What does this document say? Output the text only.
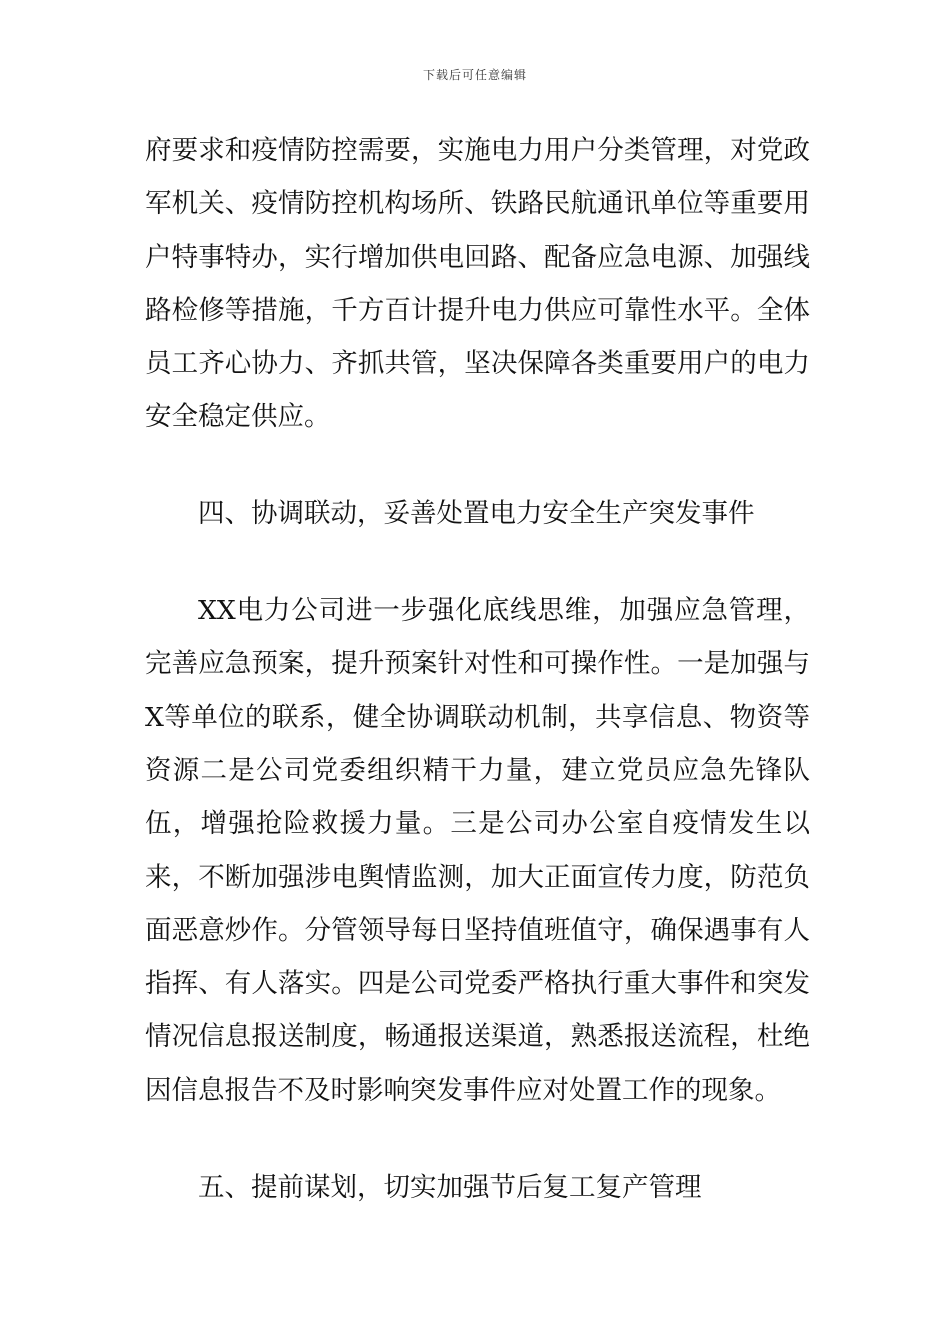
下载后可任意编辑

府要求和疫情防控需要，实施电力用户分类管理，对党政军机关、疫情防控机构场所、铁路民航通讯单位等重要用户特事特办，实行增加供电回路、配备应急电源、加强线路检修等措施，千方百计提升电力供应可靠性水平。全体员工齐心协力、齐抓共管，坚决保障各类重要用户的电力安全稳定供应。

四、协调联动，妥善处置电力安全生产突发事件

XX电力公司进一步强化底线思维，加强应急管理，完善应急预案，提升预案针对性和可操作性。一是加强与X等单位的联系，健全协调联动机制，共享信息、物资等资源二是公司党委组织精干力量，建立党员应急先锋队伍，增强抢险救援力量。三是公司办公室自疫情发生以来，不断加强涉电舆情监测，加大正面宣传力度，防范负面恶意炒作。分管领导每日坚持值班值守，确保遇事有人指挥、有人落实。四是公司党委严格执行重大事件和突发情况信息报送制度，畅通报送渠道，熟悉报送流程，杜绝因信息报告不及时影响突发事件应对处置工作的现象。

五、提前谋划，切实加强节后复工复产管理
